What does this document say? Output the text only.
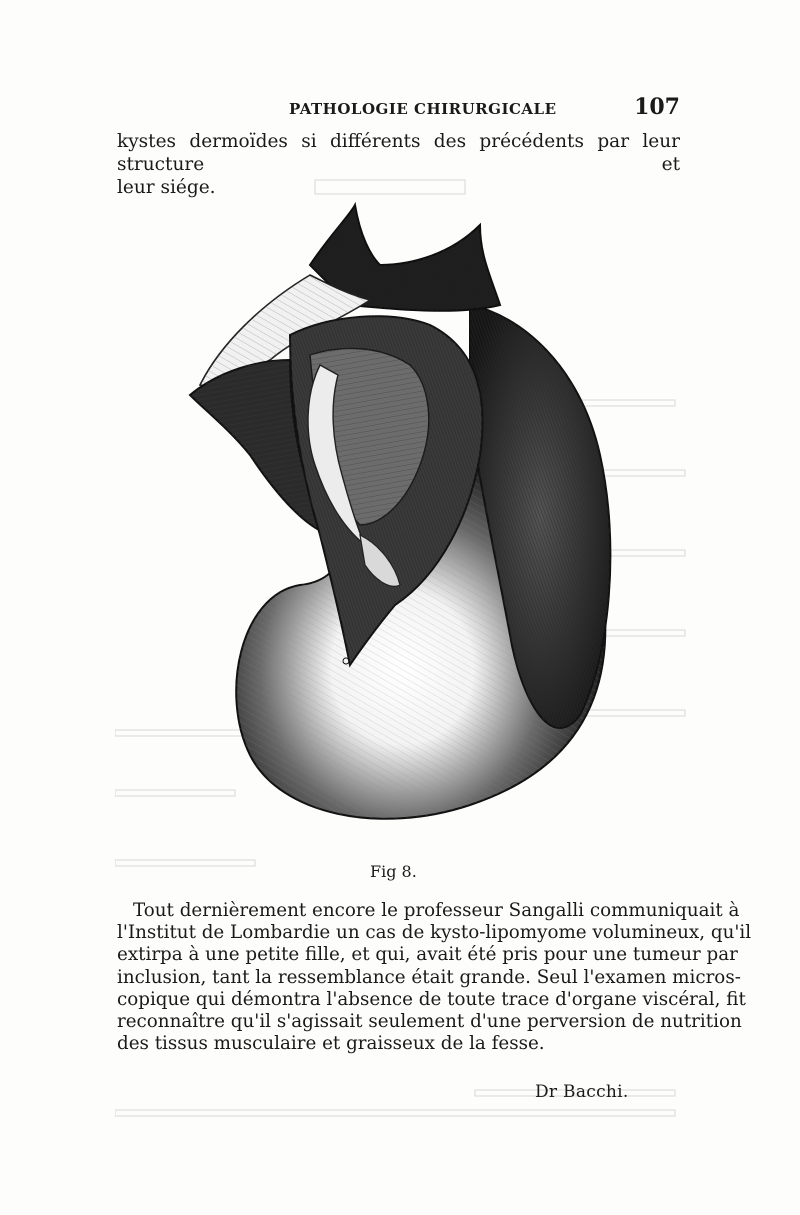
PATHOLOGIE CHIRURGICALE	107
kystes dermoïdes si différents des précédents par leur structure et
leur siége.
Fig 8.
Tout dernièrement encore le professeur Sangalli communiquait à
l'Institut de Lombardie un cas de kysto-lipomyome volumineux, qu'il
extirpa à une petite fille, et qui, avait été pris pour une tumeur par
inclusion, tant la ressemblance était grande. Seul l'examen micros-
copique qui démontra l'absence de toute trace d'organe viscéral, fit
reconnaître qu'il s'agissait seulement d'une perversion de nutrition
des tissus musculaire et graisseux de la fesse.
Dr Bacchi.
